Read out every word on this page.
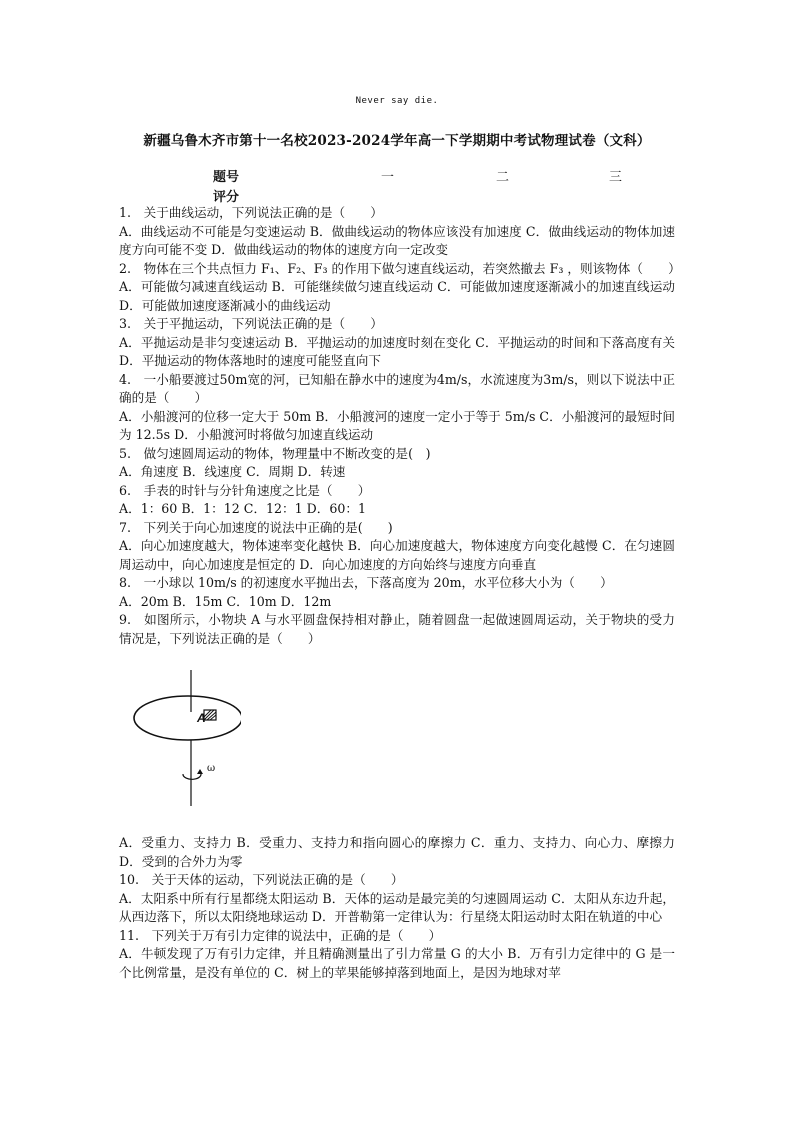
Never say die.
新疆乌鲁木齐市第十一名校2023-2024学年高一下学期期中考试物理试卷（文科）
题号
评分
一	二	三

1.　关于曲线运动，下列说法正确的是（　　）

A．曲线运动不可能是匀变速运动 B．做曲线运动的物体应该没有加速度 C．做曲线运动的物体加速度方向可能不变 D．做曲线运动的物体的速度方向一定改变

2.　物体在三个共点恒力 F₁、F₂、F₃ 的作用下做匀速直线运动，若突然撤去 F₃ ，则该物体（　　）

A．可能做匀减速直线运动 B．可能继续做匀速直线运动 C．可能做加速度逐渐减小的加速直线运动 D．可能做加速度逐渐减小的曲线运动

3.　关于平抛运动，下列说法正确的是（　　）

A．平抛运动是非匀变速运动 B．平抛运动的加速度时刻在变化 C．平抛运动的时间和下落高度有关 D．平抛运动的物体落地时的速度可能竖直向下

4.　一小船要渡过50m宽的河，已知船在静水中的速度为4m/s，水流速度为3m/s，则以下说法中正确的是（　　）

A．小船渡河的位移一定大于 50m B．小船渡河的速度一定小于等于 5m/s C．小船渡河的最短时间为 12.5s D．小船渡河时将做匀加速直线运动

5.　做匀速圆周运动的物体，物理量中不断改变的是(　)

A．角速度 B．线速度 C．周期 D．转速

6.　手表的时针与分针角速度之比是（　　）

A．1：60 B．1：12 C．12：1 D．60：1

7.　下列关于向心加速度的说法中正确的是(　　)

A．向心加速度越大，物体速率变化越快 B．向心加速度越大，物体速度方向变化越慢 C．在匀速圆周运动中，向心加速度是恒定的 D．向心加速度的方向始终与速度方向垂直

8.　一小球以 10m/s 的初速度水平抛出去，下落高度为 20m，水平位移大小为（　　）

A．20m B．15m C．10m D．12m

9.　如图所示，小物块 A 与水平圆盘保持相对静止，随着圆盘一起做速圆周运动，关于物块的受力情况是，下列说法正确的是（　　）

A
ω

A．受重力、支持力 B．受重力、支持力和指向圆心的摩擦力 C．重力、支持力、向心力、摩擦力 D．受到的合外力为零

10.　关于天体的运动，下列说法正确的是（　　）

A．太阳系中所有行星都绕太阳运动 B．天体的运动是最完美的匀速圆周运动 C．太阳从东边升起，从西边落下，所以太阳绕地球运动 D．开普勒第一定律认为：行星绕太阳运动时太阳在轨道的中心

11.　下列关于万有引力定律的说法中，正确的是（　　）

A．牛顿发现了万有引力定律，并且精确测量出了引力常量 G 的大小 B．万有引力定律中的 G 是一个比例常量，是没有单位的 C．树上的苹果能够掉落到地面上，是因为地球对苹
